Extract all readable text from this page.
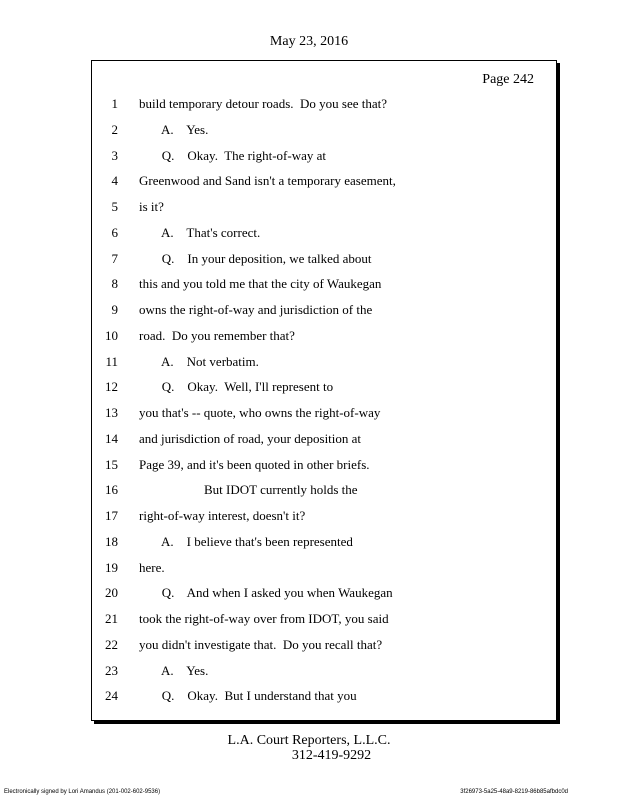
May 23, 2016
Page 242
1 build temporary detour roads.  Do you see that?
2 A.    Yes.
3 Q.    Okay.  The right-of-way at
4 Greenwood and Sand isn't a temporary easement,
5 is it?
6 A.    That's correct.
7 Q.    In your deposition, we talked about
8 this and you told me that the city of Waukegan
9 owns the right-of-way and jurisdiction of the
10 road.  Do you remember that?
11 A.    Not verbatim.
12 Q.    Okay.  Well, I'll represent to
13 you that's -- quote, who owns the right-of-way
14 and jurisdiction of road, your deposition at
15 Page 39, and it's been quoted in other briefs.
16 But IDOT currently holds the
17 right-of-way interest, doesn't it?
18 A.    I believe that's been represented
19 here.
20 Q.    And when I asked you when Waukegan
21 took the right-of-way over from IDOT, you said
22 you didn't investigate that.  Do you recall that?
23 A.    Yes.
24 Q.    Okay.  But I understand that you
L.A. Court Reporters, L.L.C.
312-419-9292
Electronically signed by Lori Amandus (201-002-602-9536)	3f26973-5a25-48a9-8219-86b85afbdc0d
